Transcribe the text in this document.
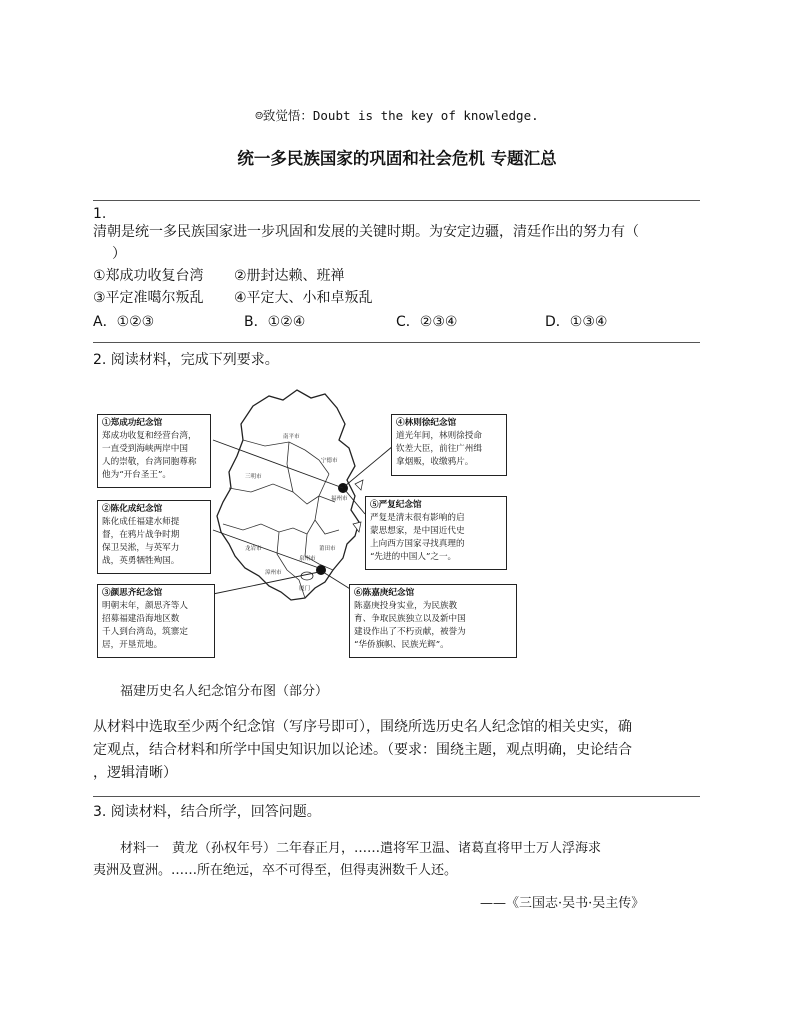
☺致觉悟：Doubt is the key of knowledge.
统一多民族国家的巩固和社会危机 专题汇总
1.
清朝是统一多民族国家进一步巩固和发展的关键时期。为安定边疆，清廷作出的努力有（
）
①郑成功收复台湾 ②册封达赖、班禅
③平定准噶尔叛乱 ④平定大、小和卓叛乱
A．①②③	B．①②④	C．②③④	D．①③④
2. 阅读材料，完成下列要求。
南平市
宁德市
三明市
福州市
莆田市
龙岩市
泉州市
漳州市
厦门
①郑成功纪念馆
郑成功收复和经营台湾，
一直受到海峡两岸中国
人的崇敬，台湾同胞尊称
他为“开台圣王”。
②陈化成纪念馆
陈化成任福建水师提
督，在鸦片战争时期
保卫吴淞，与英军力
战，英勇牺牲殉国。
③颜思齐纪念馆
明朝末年，颜思齐等人
招募福建沿海地区数
千人到台湾岛，筑寨定
居，开垦荒地。
④林则徐纪念馆
道光年间，林则徐授命
钦差大臣，前往广州缉
拿烟贩，收缴鸦片。
⑤严复纪念馆
严复是清末很有影响的启
蒙思想家，是中国近代史
上向西方国家寻找真理的
“先进的中国人”之一。
⑥陈嘉庚纪念馆
陈嘉庚投身实业，为民族教
育、争取民族独立以及新中国
建设作出了不朽贡献，被誉为
“华侨旗帜、民族光辉”。
福建历史名人纪念馆分布图（部分）
从材料中选取至少两个纪念馆（写序号即可），围绕所选历史名人纪念馆的相关史实，确
定观点，结合材料和所学中国史知识加以论述。（要求：围绕主题，观点明确，史论结合
，逻辑清晰）
3. 阅读材料，结合所学，回答问题。
材料一　黄龙（孙权年号）二年春正月，……遣将军卫温、诸葛直将甲士万人浮海求
夷洲及亶洲。……所在绝远，卒不可得至，但得夷洲数千人还。
——《三国志·吴书·吴主传》
